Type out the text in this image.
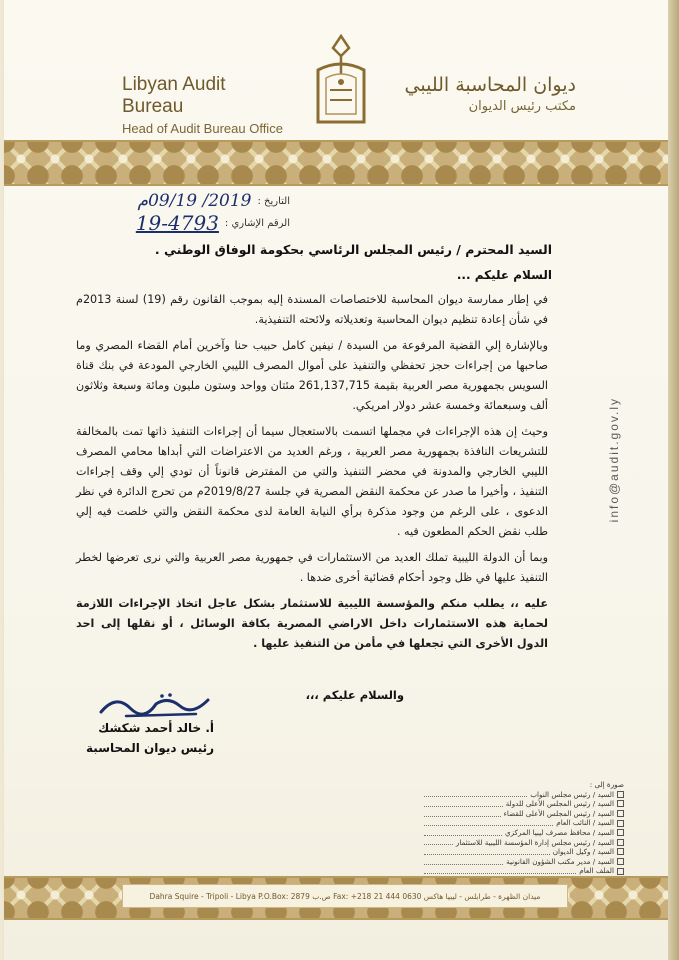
Libyan Audit Bureau
Head of Audit Bureau Office
ديوان المحاسبة الليبي
مكتب رئيس الديوان
التاريخ :
2019/ 09/19م
الرقم الإشاري :
19-4793
السيد المحترم / رئيس المجلس الرئاسي بحكومة الوفاق الوطني .
السلام عليكم ...

في إطار ممارسة ديوان المحاسبة للاختصاصات المسندة إليه بموجب القانون رقم (19) لسنة 2013م في شأن إعادة تنظيم ديوان المحاسبة وتعديلاته ولائحته التنفيذية.

وبالإشارة إلي القضية المرفوعة من السيدة / نيفين كامل حبيب حنا وآخرين أمام القضاء المصري وما صاحبها من إجراءات حجز تحفظي والتنفيذ على أموال المصرف الليبي الخارجي المودعة في بنك قناة السويس بجمهورية مصر العربية بقيمة 261,137,715 مئتان وواحد وستون مليون ومائة وسبعة وثلاثون ألف وسبعمائة وخمسة عشر دولار امريكي.

وحيث إن هذه الإجراءات في مجملها اتسمت بالاستعجال سيما أن إجراءات التنفيذ ذاتها تمت بالمخالفة للتشريعات النافذة بجمهورية مصر العربية ، ورغم العديد من الاعتراضات التي أبداها محامي المصرف الليبي الخارجي والمدونة في محضر التنفيذ والتي من المفترض قانوناً أن تودي إلي وقف إجراءات التنفيذ ، وأخيرا ما صدر عن محكمة النقض المصرية في جلسة 2019/8/27م من تحرج الدائرة في نظر الدعوى ، على الرغم من وجود مذكرة برأي النيابة العامة لدى محكمة النقض والتي خلصت فيه إلي طلب نقض الحكم المطعون فيه .

وبما أن الدولة الليبية تملك العديد من الاستثمارات في جمهورية مصر العربية والتي نرى تعرضها لخطر التنفيذ عليها في ظل وجود أحكام قضائية أخرى ضدها .

عليه ،، يطلب منكم والمؤسسة الليبية للاستثمار بشكل عاجل اتخاذ الإجراءات اللازمة لحماية هذه الاستثمارات داخل الاراضي المصرية بكافة الوسائل ، أو نقلها إلى احد الدول الأخرى التي تجعلها في مأمن من التنفيذ عليها .

والسلام عليكم ،،،
أ. خالد أحمد شكشك
رئيس ديوان المحاسبة
صورة إلى :
السيد / رئيس مجلس النواب
السيد / رئيس المجلس الأعلى للدولة
السيد / رئيس المجلس الأعلى للقضاء
السيد / النائب العام
السيد / محافظ مصرف ليبيا المركزي
السيد / رئيس مجلس إدارة المؤسسة الليبية للاستثمار
السيد / وكيل الديوان
السيد / مدير مكتب الشؤون القانونية
الملف العام
info@audit.gov.ly
Dahra Squire - Tripoli - Libya P.O.Box: 2879 ص.ب Fax: +218 21 444 0630 ميدان الظهرة - طرابلس - ليبيا هاكس
